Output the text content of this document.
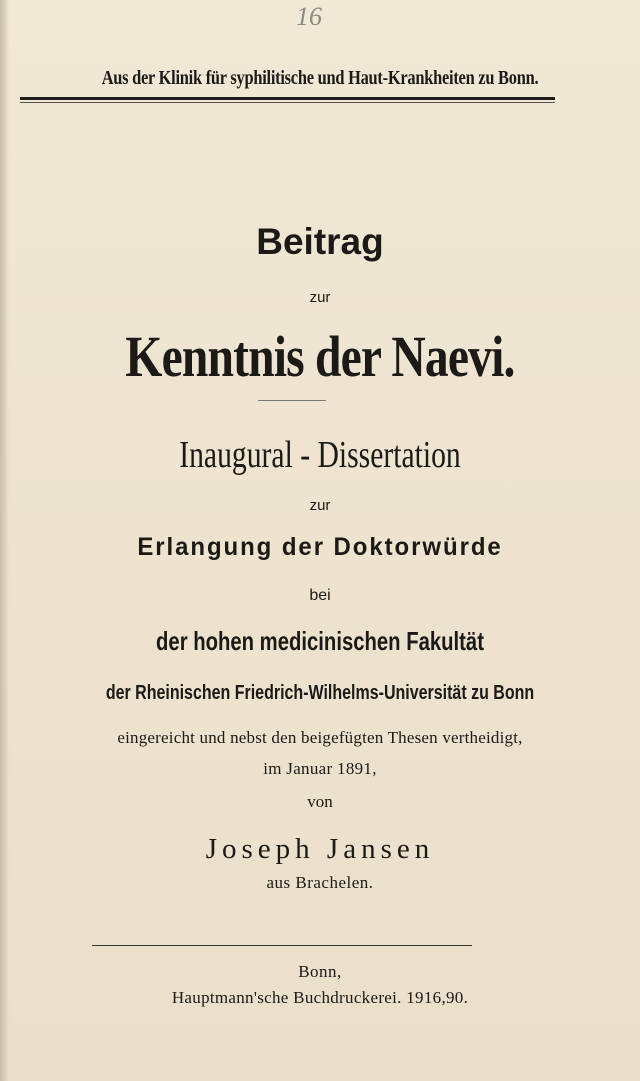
16
Aus der Klinik für syphilitische und Haut-Krankheiten zu Bonn.
Beitrag
zur
Kenntnis der Naevi.
Inaugural - Dissertation
zur
Erlangung der Doktorwürde
bei
der hohen medicinischen Fakultät
der Rheinischen Friedrich-Wilhelms-Universität zu Bonn
eingereicht und nebst den beigefügten Thesen vertheidigt,
im Januar 1891,
von
Joseph Jansen
aus Brachelen.
Bonn,
Hauptmann'sche Buchdruckerei. 1916,90.
